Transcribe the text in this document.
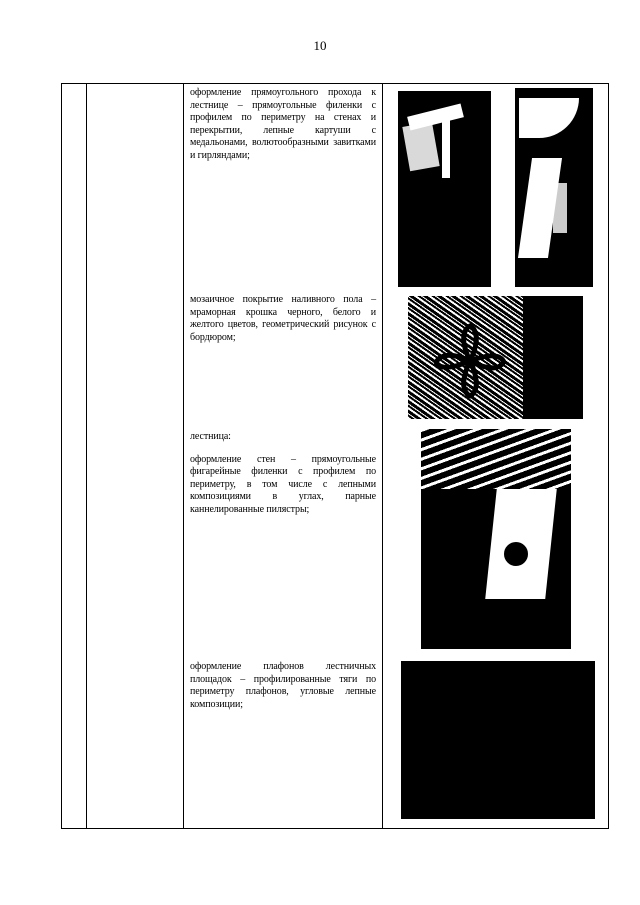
10

оформление прямоугольного прохода к лестнице – прямоугольные филенки с профилем по периметру на стенах и перекрытии, лепные картуши с медальонами, волютообразными завитками и гирляндами;

мозаичное покрытие наливного пола – мраморная крошка черного, белого и желтого цветов, геометрический рисунок с бордюром;

лестница:

оформление стен – прямоугольные фигарейные филенки с профилем по периметру, в том числе с лепными композициями в углах, парные каннелированные пилястры;

оформление плафонов лестничных площадок – профилированные тяги по периметру плафонов, угловые лепные композиции;
